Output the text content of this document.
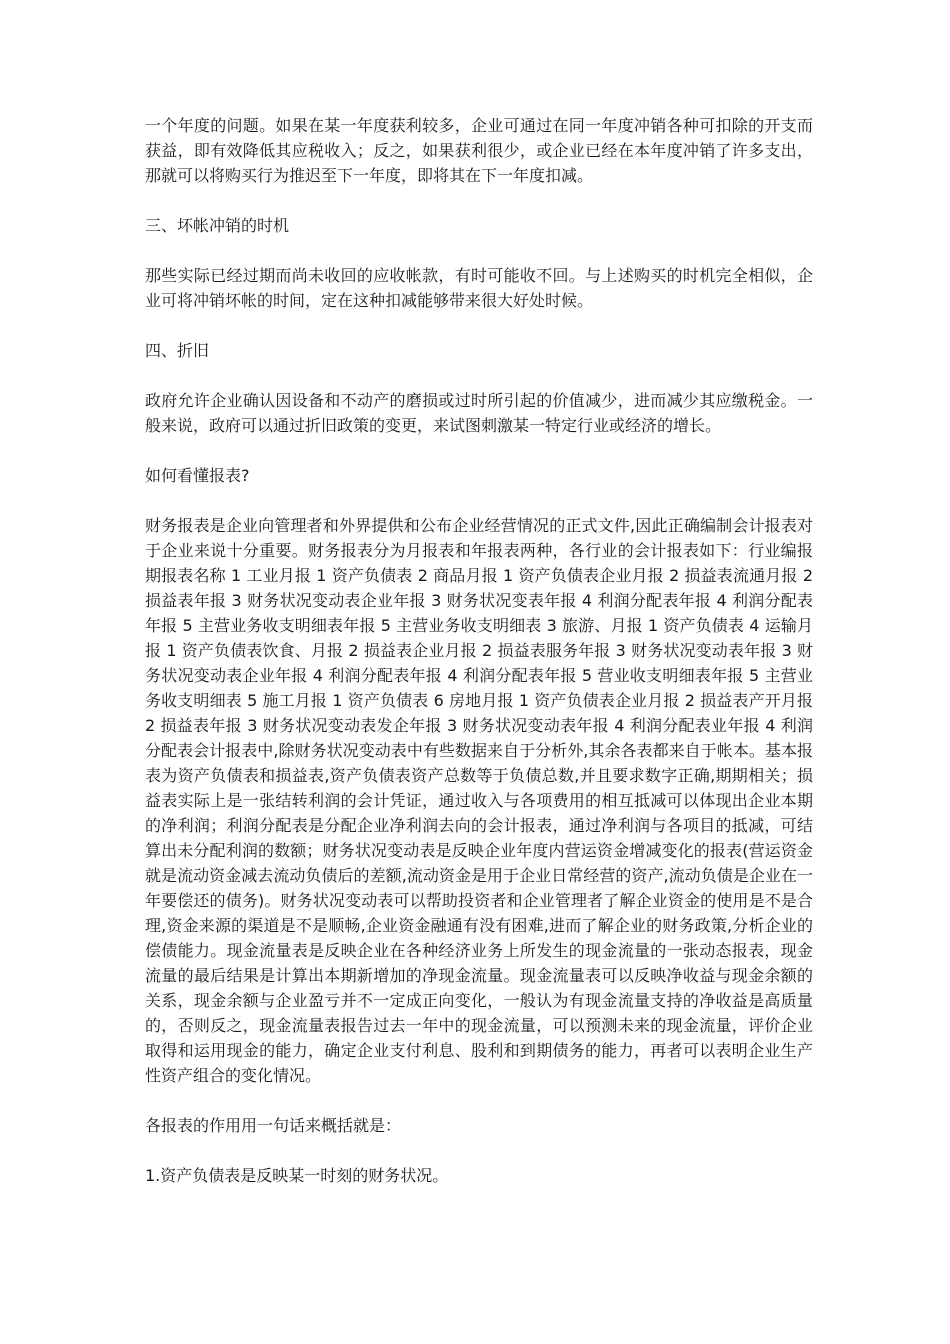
一个年度的问题。如果在某一年度获利较多，企业可通过在同一年度冲销各种可扣除的开支而获益，即有效降低其应税收入；反之，如果获利很少，或企业已经在本年度冲销了许多支出，那就可以将购买行为推迟至下一年度，即将其在下一年度扣减。

三、坏帐冲销的时机

那些实际已经过期而尚未收回的应收帐款，有时可能收不回。与上述购买的时机完全相似，企业可将冲销坏帐的时间，定在这种扣减能够带来很大好处时候。

四、折旧

政府允许企业确认因设备和不动产的磨损或过时所引起的价值减少，进而减少其应缴税金。一般来说，政府可以通过折旧政策的变更，来试图刺激某一特定行业或经济的增长。

如何看懂报表?

财务报表是企业向管理者和外界提供和公布企业经营情况的正式文件,因此正确编制会计报表对于企业来说十分重要。财务报表分为月报表和年报表两种，各行业的会计报表如下：行业编报期报表名称 1 工业月报 1 资产负债表 2 商品月报 1 资产负债表企业月报 2 损益表流通月报 2 损益表年报 3 财务状况变动表企业年报 3 财务状况变表年报 4 利润分配表年报 4 利润分配表年报 5 主营业务收支明细表年报 5 主营业务收支明细表 3 旅游、月报 1 资产负债表 4 运输月报 1 资产负债表饮食、月报 2 损益表企业月报 2 损益表服务年报 3 财务状况变动表年报 3 财务状况变动表企业年报 4 利润分配表年报 4 利润分配表年报 5 营业收支明细表年报 5 主营业务收支明细表 5 施工月报 1 资产负债表 6 房地月报 1 资产负债表企业月报 2 损益表产开月报 2 损益表年报 3 财务状况变动表发企年报 3 财务状况变动表年报 4 利润分配表业年报 4 利润分配表会计报表中,除财务状况变动表中有些数据来自于分析外,其余各表都来自于帐本。基本报表为资产负债表和损益表,资产负债表资产总数等于负债总数,并且要求数字正确,期期相关；损益表实际上是一张结转利润的会计凭证，通过收入与各项费用的相互抵减可以体现出企业本期的净利润；利润分配表是分配企业净利润去向的会计报表，通过净利润与各项目的抵减，可结算出未分配利润的数额；财务状况变动表是反映企业年度内营运资金增减变化的报表(营运资金就是流动资金减去流动负债后的差额,流动资金是用于企业日常经营的资产,流动负债是企业在一年要偿还的债务)。财务状况变动表可以帮助投资者和企业管理者了解企业资金的使用是不是合理,资金来源的渠道是不是顺畅,企业资金融通有没有困难,进而了解企业的财务政策,分析企业的偿债能力。现金流量表是反映企业在各种经济业务上所发生的现金流量的一张动态报表，现金流量的最后结果是计算出本期新增加的净现金流量。现金流量表可以反映净收益与现金余额的关系，现金余额与企业盈亏并不一定成正向变化，一般认为有现金流量支持的净收益是高质量的，否则反之，现金流量表报告过去一年中的现金流量，可以预测未来的现金流量，评价企业取得和运用现金的能力，确定企业支付利息、股利和到期债务的能力，再者可以表明企业生产性资产组合的变化情况。

各报表的作用用一句话来概括就是：

1.资产负债表是反映某一时刻的财务状况。
